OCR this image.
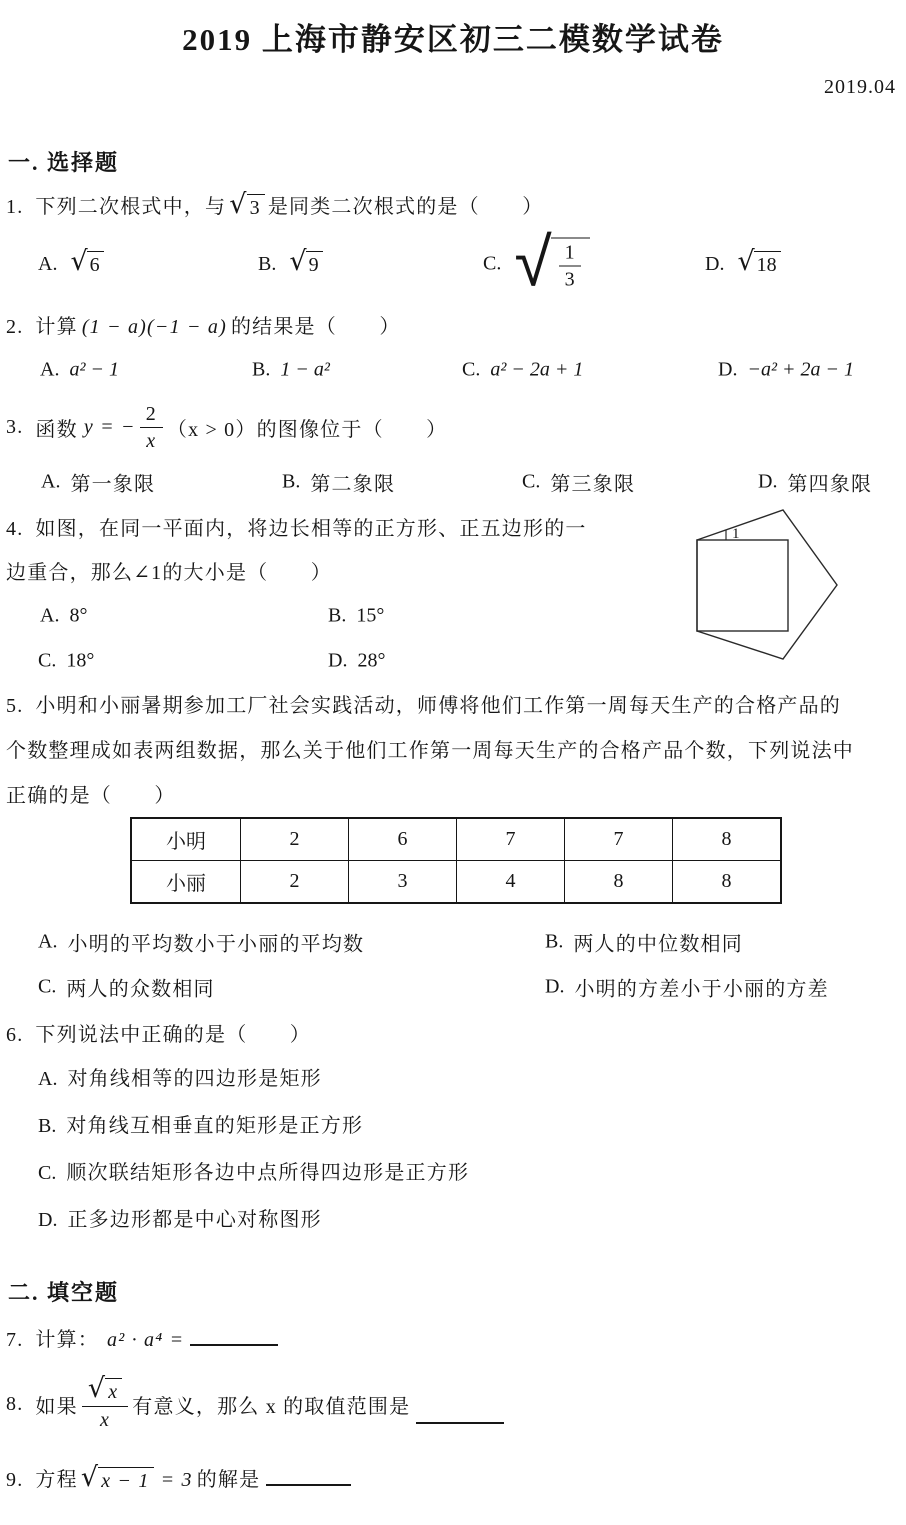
2019 上海市静安区初三二模数学试卷
2019.04
一. 选择题
1. 下列二次根式中，与 √ 3 是同类二次根式的是（　　）
A. √ 6	B. √ 9	C. √ $\frac{1}{3}$	D. √ 18
2. 计算 (1 − a)(−1 − a) 的结果是（　　）
A. a² − 1	B. 1 − a²	C. a² − 2a + 1	D. −a² + 2a − 1
3. 函数 y = − $\frac{2}{x} (x > 0)$的图像位于（　　）
A. 第一象限	B. 第二象限	C. 第三象限	D. 第四象限
4. 如图，在同一平面内，将边长相等的正方形、正五边形的一
边重合，那么∠1的大小是（　　）
A. 8°	B. 15°
C. 18°	D. 28°
1
5. 小明和小丽暑期参加工厂社会实践活动，师傅将他们工作第一周每天生产的合格产品的
个数整理成如表两组数据，那么关于他们工作第一周每天生产的合格产品个数，下列说法中
正确的是（　　）
小明	2	6	7	7	8
小丽	2	3	4	8	8
A. 小明的平均数小于小丽的平均数	B. 两人的中位数相同
C. 两人的众数相同	D. 小明的方差小于小丽的方差
6. 下列说法中正确的是（　　）
A. 对角线相等的四边形是矩形
B. 对角线互相垂直的矩形是正方形
C. 顺次联结矩形各边中点所得四边形是正方形
D. 正多边形都是中心对称图形
二. 填空题
7. 计算： a² · a⁴ =
8. 如果 $\frac{√ x}{x}$ 有意义，那么 x 的取值范围是
9. 方程 √ x − 1 = 3 的解是
